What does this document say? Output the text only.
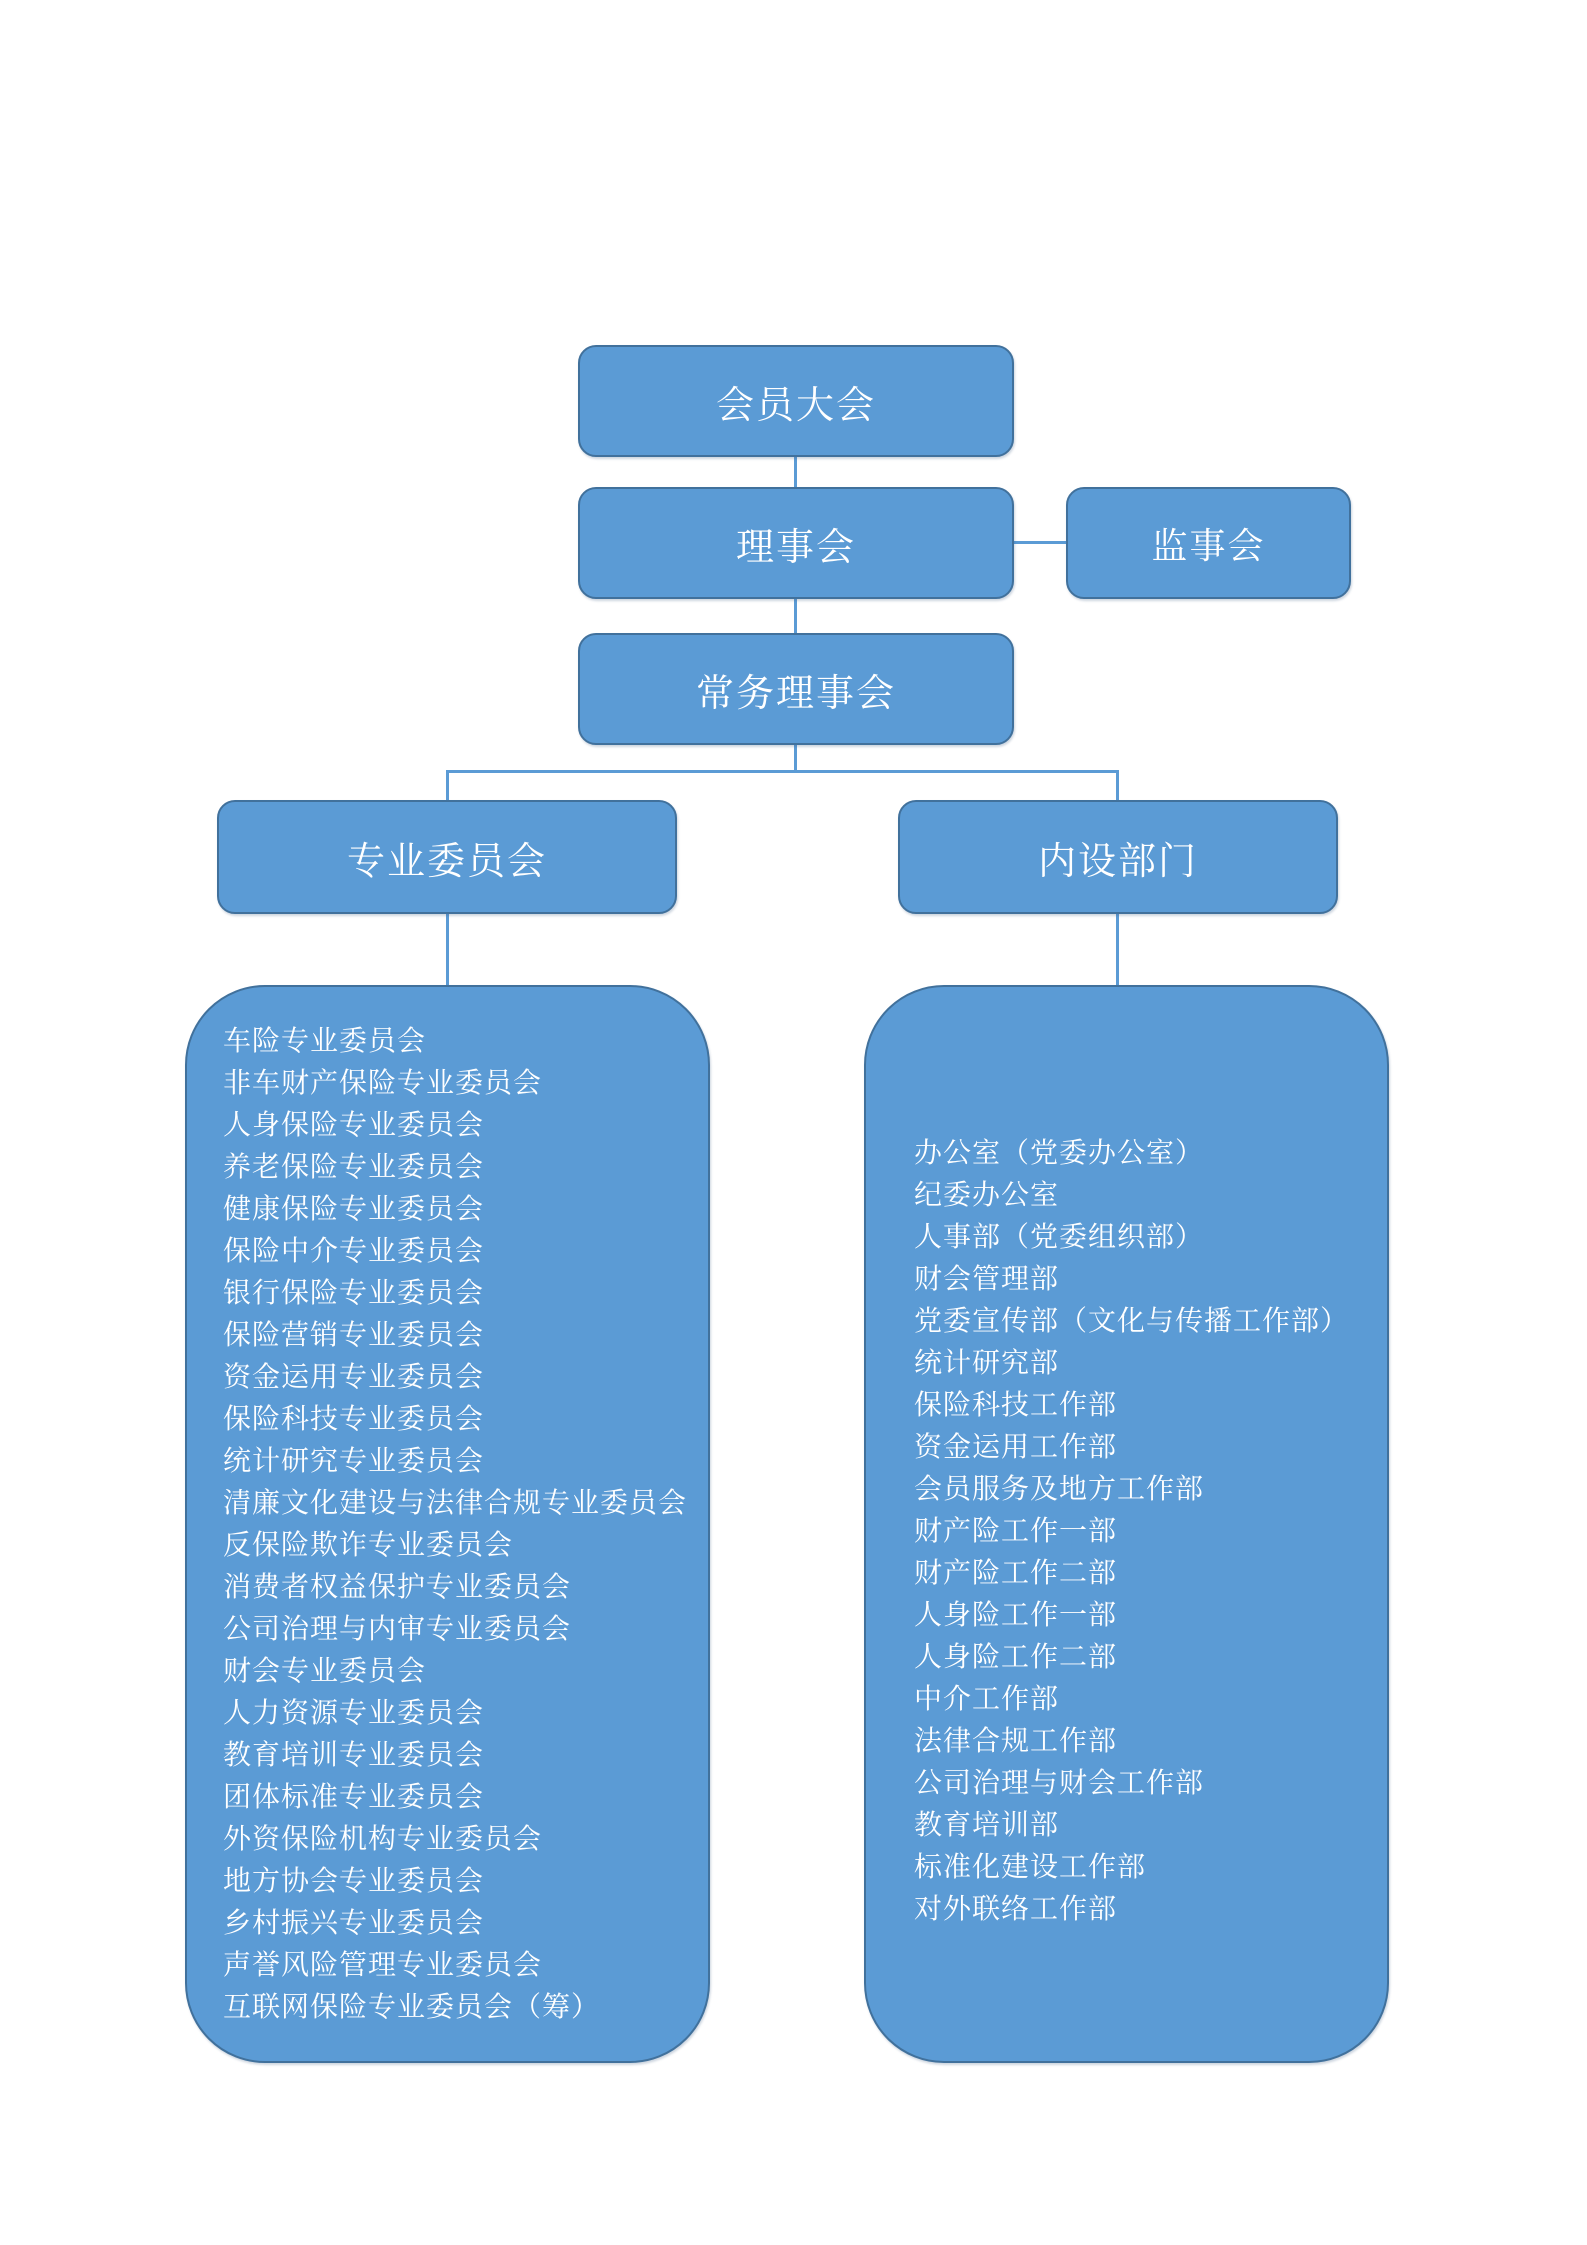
会员大会
理事会	监事会
常务理事会
专业委员会	内设部门
车险专业委员会
非车财产保险专业委员会
人身保险专业委员会
养老保险专业委员会
健康保险专业委员会
保险中介专业委员会
银行保险专业委员会
保险营销专业委员会
资金运用专业委员会
保险科技专业委员会
统计研究专业委员会
清廉文化建设与法律合规专业委员会
反保险欺诈专业委员会
消费者权益保护专业委员会
公司治理与内审专业委员会
财会专业委员会
人力资源专业委员会
教育培训专业委员会
团体标准专业委员会
外资保险机构专业委员会
地方协会专业委员会
乡村振兴专业委员会
声誉风险管理专业委员会
互联网保险专业委员会（筹）
办公室（党委办公室）
纪委办公室
人事部（党委组织部）
财会管理部
党委宣传部（文化与传播工作部）
统计研究部
保险科技工作部
资金运用工作部
会员服务及地方工作部
财产险工作一部
财产险工作二部
人身险工作一部
人身险工作二部
中介工作部
法律合规工作部
公司治理与财会工作部
教育培训部
标准化建设工作部
对外联络工作部
